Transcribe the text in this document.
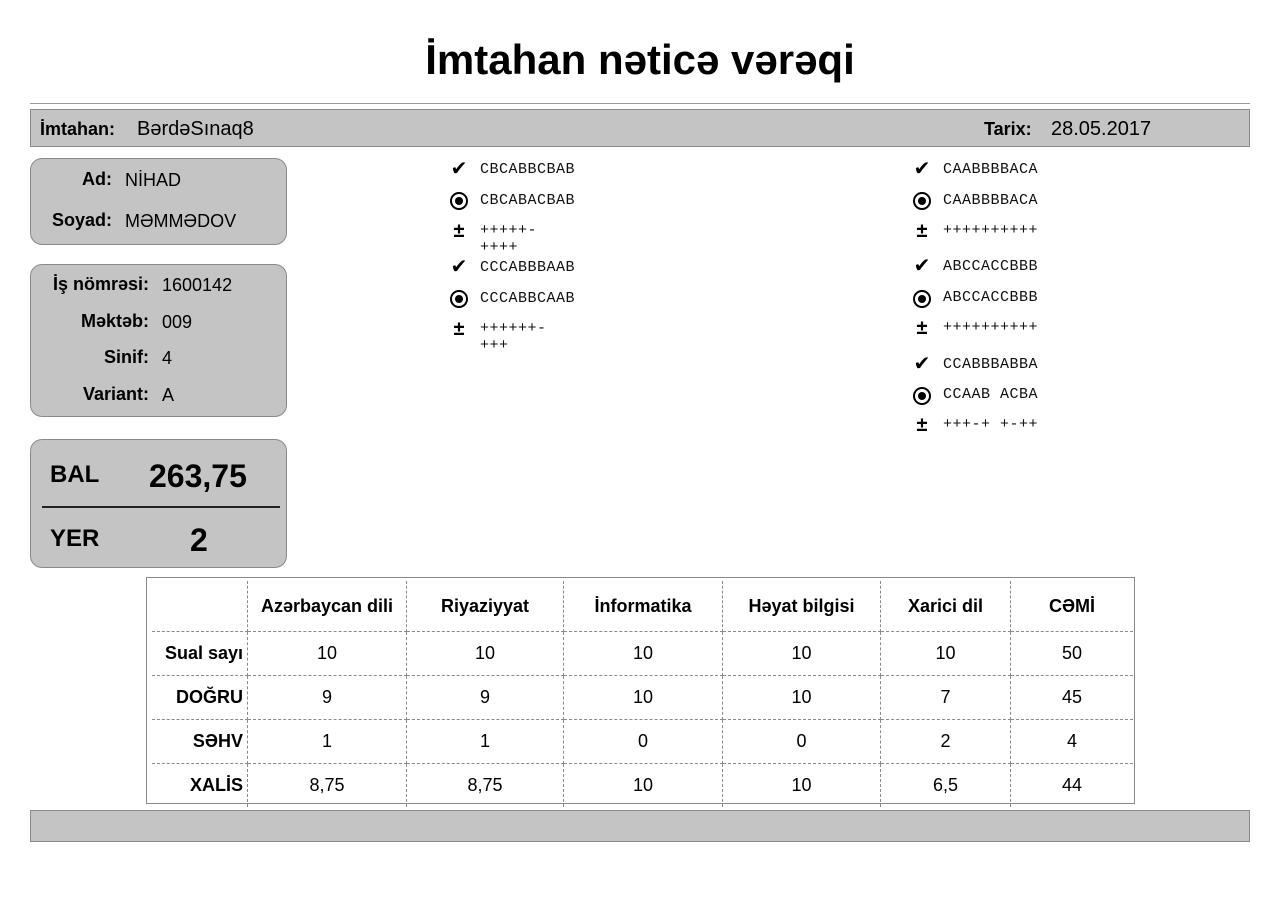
İmtahan nəticə vərəqi
İmtahan: BərdəSınaq8	Tarix: 28.05.2017
Ad: NİHAD
Soyad: MƏMMƏDOV
İş nömrəsi: 1600142
Məktəb: 009
Sinif: 4
Variant: A
BAL 263,75
YER	2
✔ CBCABBCBAB
CBCABACBAB
±	+++++-++++
✔ CCCABBBAAB
CCCABBCAAB
±	++++++-+++
✔ CAABBBBACA
CAABBBBACA
±	++++++++++
✔ ABCCACCBBB
ABCCACCBBB
±	++++++++++
✔ CCABBBABBA
CCAAB ACBA
±	+++-+ +-++
	Azərbaycan dili	Riyaziyyat	İnformatika	Həyat bilgisi	Xarici dil	CƏMİ
Sual sayı	10	10	10	10	10	50
DOĞRU	9	9	10	10	7	45
SƏHV	1	1	0	0	2	4
XALİS	8,75	8,75	10	10	6,5	44
